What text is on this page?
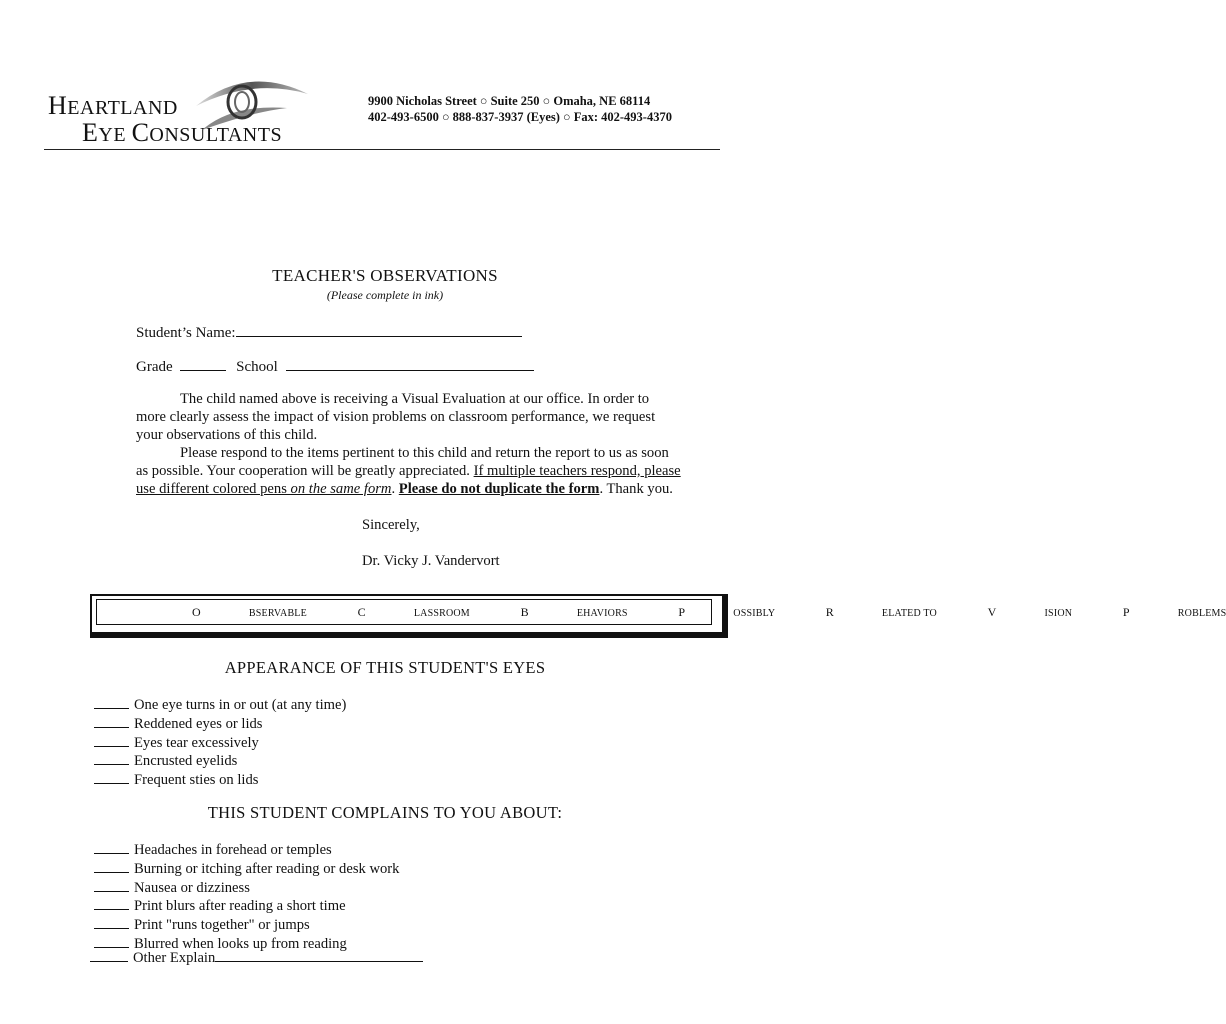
HEARTLAND
EYE CONSULTANTS
9900 Nicholas Street ○ Suite 250 ○ Omaha, NE 68114
402-493-6500 ○ 888-837-3937 (Eyes) ○ Fax: 402-493-4370
TEACHER'S OBSERVATIONS
(Please complete in ink)
Student’s Name:
Grade	School

The child named above is receiving a Visual Evaluation at our office. In order to more clearly assess the impact of vision problems on classroom performance, we request your observations of this child.

Please respond to the items pertinent to this child and return the report to us as soon as possible. Your cooperation will be greatly appreciated. If multiple teachers respond, please use different colored pens on the same form. Please do not duplicate the form. Thank you.

Sincerely,
Dr. Vicky J. Vandervort
O	BSERVABLE	C	LASSROOM	B	EHAVIORS	P	OSSIBLY	R	ELATED TO	V	ISION	P	ROBLEMS
APPEARANCE OF THIS STUDENT'S EYES
One eye turns in or out (at any time)
Reddened eyes or lids
Eyes tear excessively
Encrusted eyelids
Frequent sties on lids
THIS STUDENT COMPLAINS TO YOU ABOUT:
Headaches in forehead or temples
Burning or itching after reading or desk work
Nausea or dizziness
Print blurs after reading a short time
Print "runs together" or jumps
Blurred when looks up from reading
Other Explain
